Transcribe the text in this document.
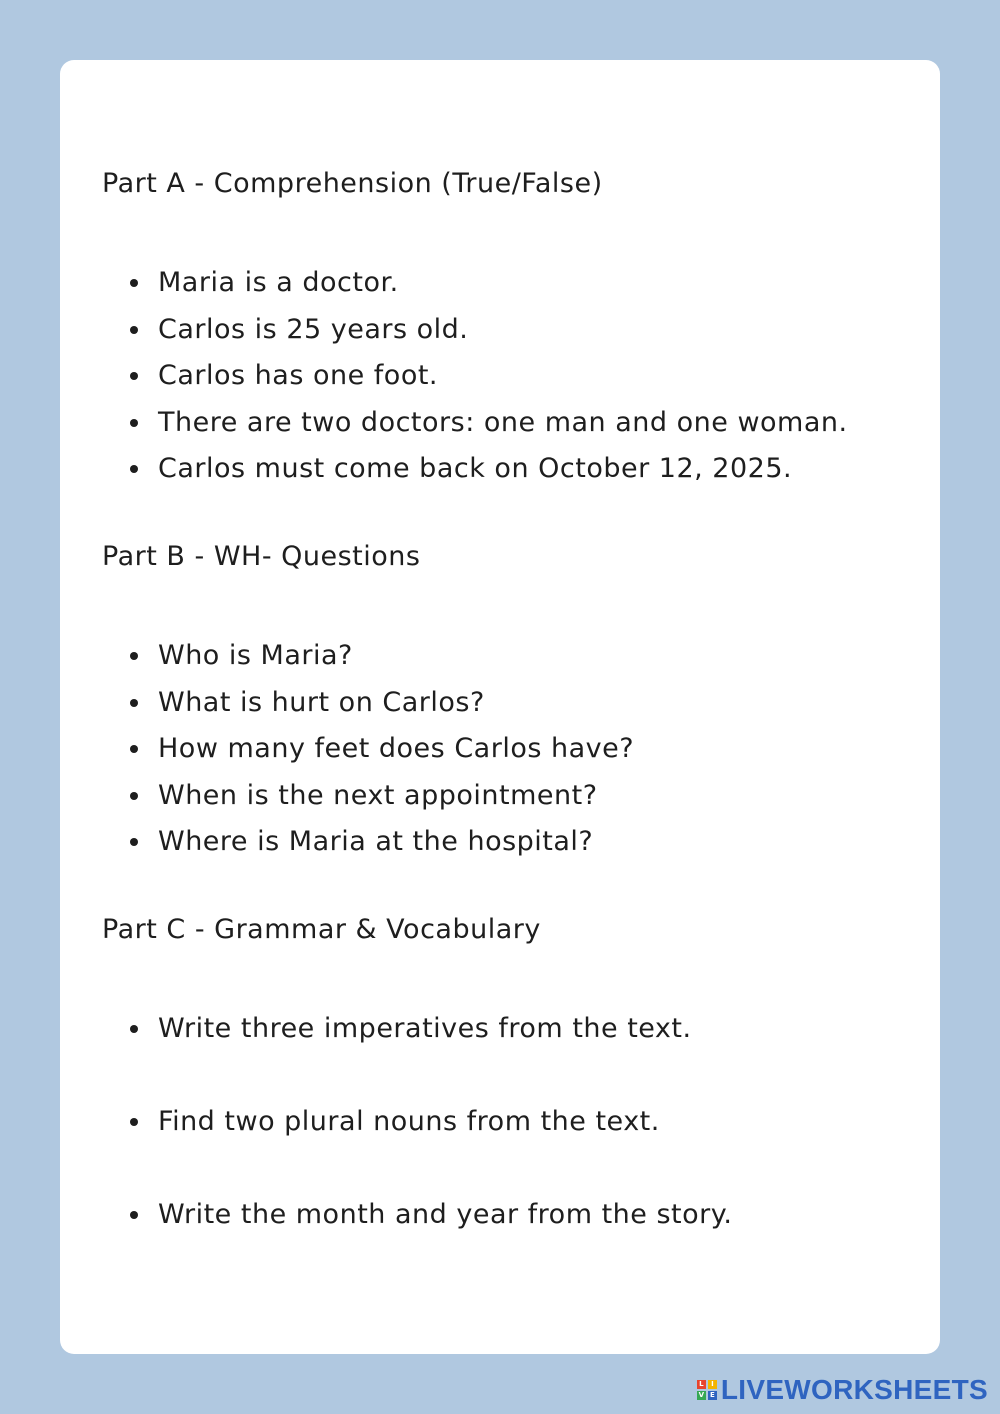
Part A - Comprehension (True/False)
Maria is a doctor.
Carlos is 25 years old.
Carlos has one foot.
There are two doctors: one man and one woman.
Carlos must come back on October 12, 2025.
Part B - WH- Questions
Who is Maria?
What is hurt on Carlos?
How many feet does Carlos have?
When is the next appointment?
Where is Maria at the hospital?
Part C - Grammar & Vocabulary
Write three imperatives from the text.
Find two plural nouns from the text.
Write the month and year from the story.
L	I
V E LIVEWORKSHEETS
